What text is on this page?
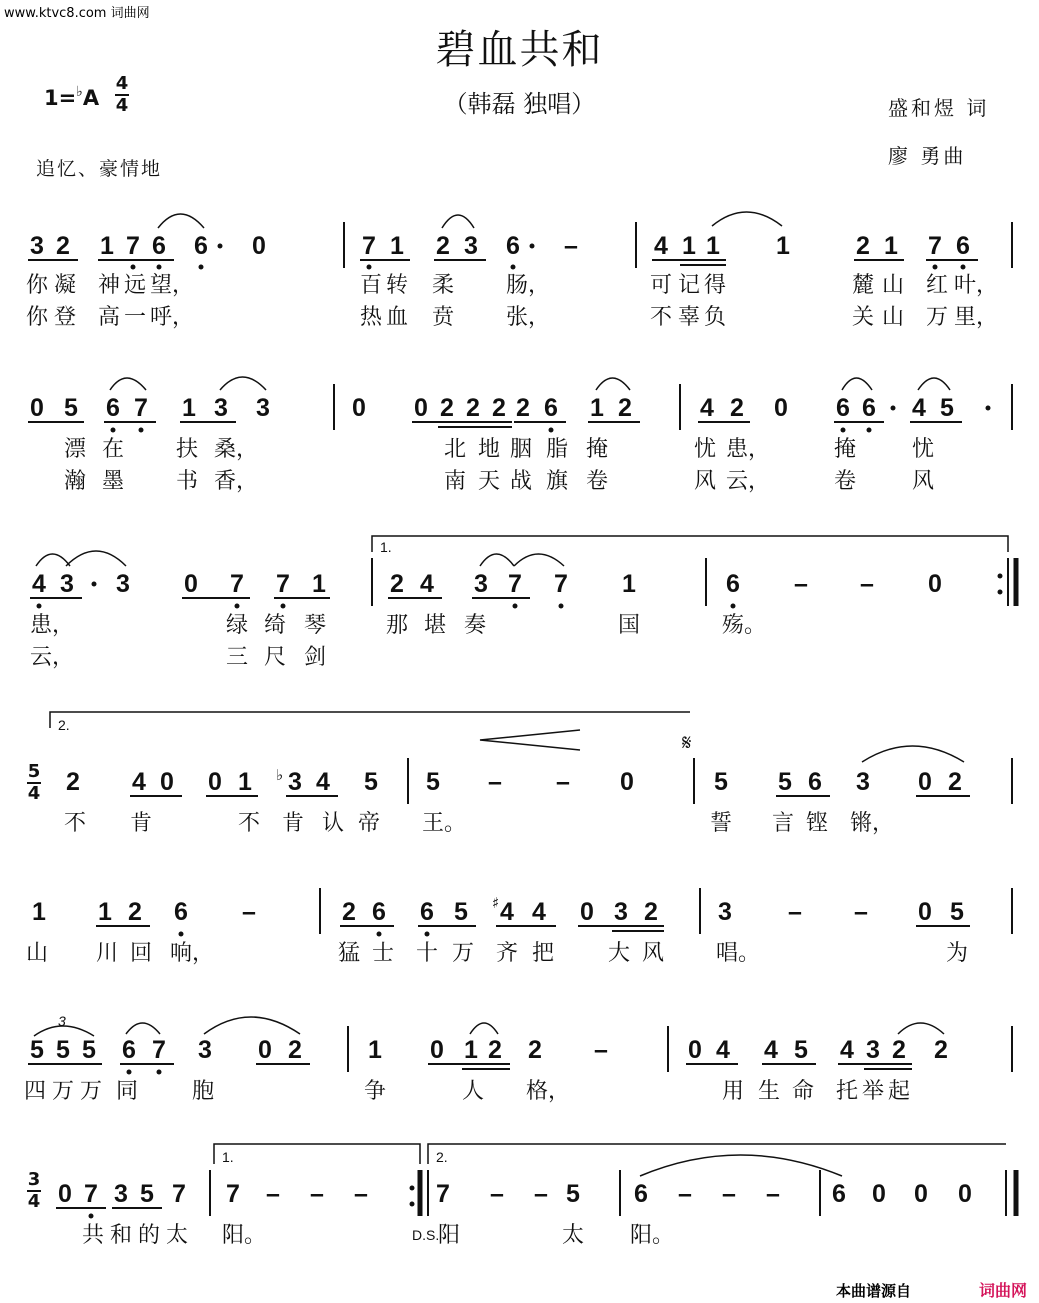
www.ktvc8.com 词曲网
碧血共和
（韩磊 独唱）
1=♭A
4
4	盛和煜 词
廖 勇曲
追忆、豪情地
5
4
3
4
3 2 1 7 6 6 0	7 1 2 3 6 –	4 1 1 1	2 1 7 6
你 凝 神 远 望，	百 转 柔 肠，	可 记 得	麓 山 红 叶，
你 登 高 一 呼，	热 血 贲 张，	不 辜 负	关 山 万 里，
0 5 6 7 1 3 3	0 0 2 2 2 2 6 1 2	4 2 0 6 6 4 5
漂 在 扶 桑，	北 地 胭 脂 掩	忧 患，	掩	忧
瀚 墨 书 香，	南 天 战 旗 卷	风 云，	卷	风
1.
4 3 3 0 7 7 1	2 4 3 7 7 1	6 – – 0
患，	绿 绮 琴	那 堪 奏	国	殇。
云，	三 尺 剑
2.
𝄋
2 4 0 0 1 3 4 5 5 – – 0	5 5 6 3 0 2
♭
不 肯	不 肯 认 帝 王。	誓 言 铿 锵，
1 1 2 6 –	2 6 6 5 4 4 0 3 2 3 – – 0 5
♯
山 川 回 响，	猛 士 十 万 齐 把 大 风 唱。	为
3
5 5 5 6 7 3 0 2	1 0 1 2 2 –	0 4 4 5 4 3 2 2
四 万 万 同 胞	争	人 格，	用 生 命 托 举 起
1.	2.
0 7 3 5 7 7 – – –	7 – – 5 6 – – – 6 0 0 0
共 和 的 太 阳。	阳	太 阳。
D.S.
本曲谱源自	词曲网
